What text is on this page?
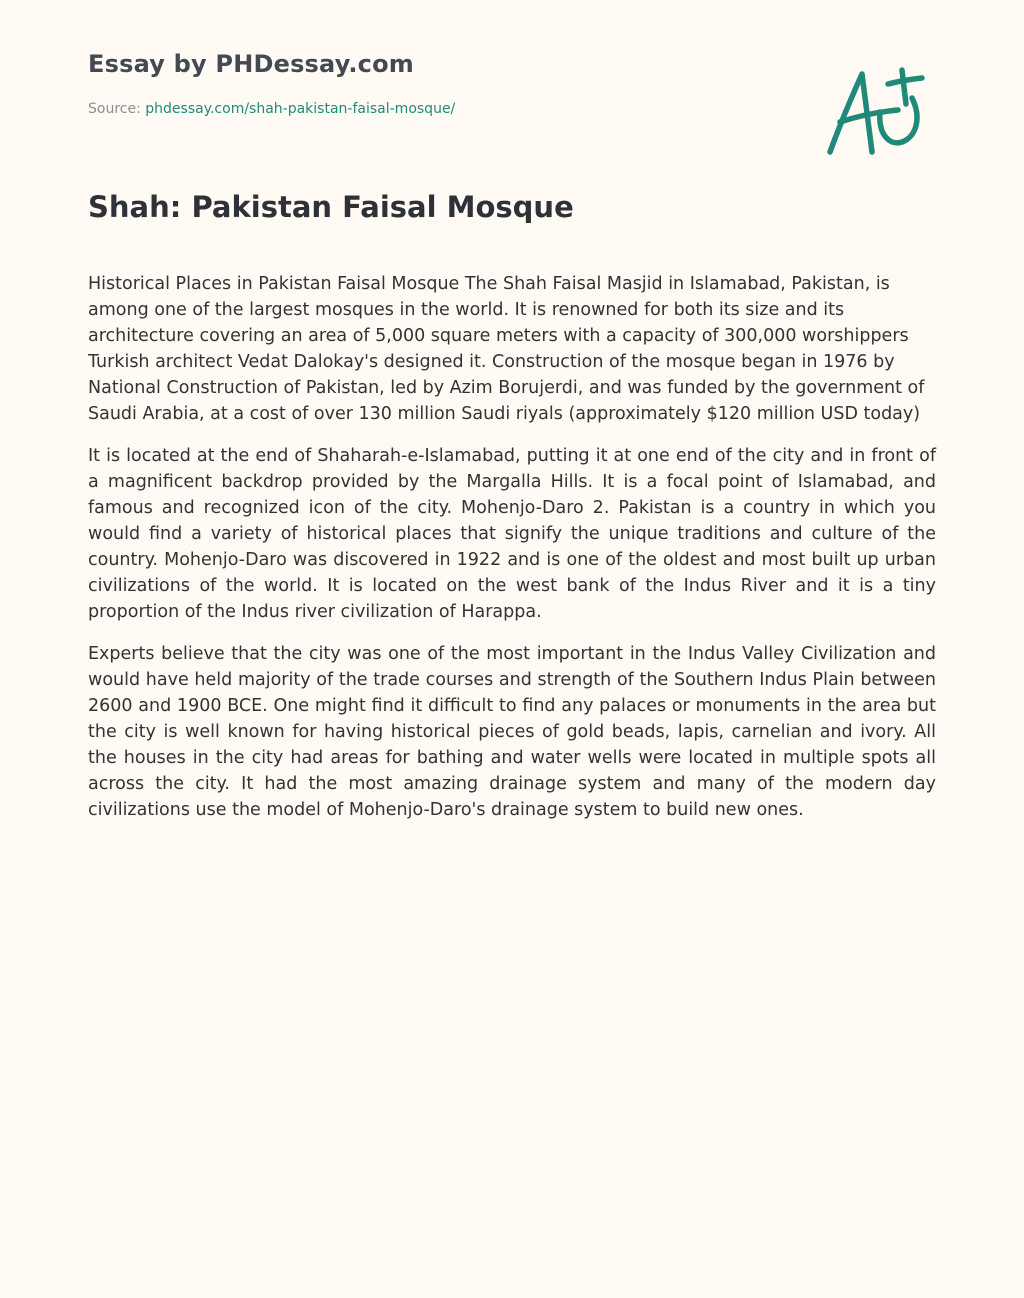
Essay by PHDessay.com
Source: phdessay.com/shah-pakistan-faisal-mosque/
Shah: Pakistan Faisal Mosque

Historical Places in Pakistan Faisal Mosque The Shah Faisal Masjid in Islamabad, Pakistan, is among one of the largest mosques in the world. It is renowned for both its size and its architecture covering an area of 5,000 square meters with a capacity of 300,000 worshippers Turkish architect Vedat Dalokay's designed it. Construction of the mosque began in 1976 by National Construction of Pakistan, led by Azim Borujerdi, and was funded by the government of Saudi Arabia, at a cost of over 130 million Saudi riyals (approximately $120 million USD today)

It is located at the end of Shaharah-e-Islamabad, putting it at one end of the city and in front of a magnificent backdrop provided by the Margalla Hills. It is a focal point of Islamabad, and famous and recognized icon of the city. Mohenjo-Daro 2. Pakistan is a country in which you would find a variety of historical places that signify the unique traditions and culture of the country. Mohenjo-Daro was discovered in 1922 and is one of the oldest and most built up urban civilizations of the world. It is located on the west bank of the Indus River and it is a tiny proportion of the Indus river civilization of Harappa.

Experts believe that the city was one of the most important in the Indus Valley Civilization and would have held majority of the trade courses and strength of the Southern Indus Plain between 2600 and 1900 BCE. One might find it difficult to find any palaces or monuments in the area but the city is well known for having historical pieces of gold beads, lapis, carnelian and ivory. All the houses in the city had areas for bathing and water wells were located in multiple spots all across the city. It had the most amazing drainage system and many of the modern day civilizations use the model of Mohenjo-Daro's drainage system to build new ones.
